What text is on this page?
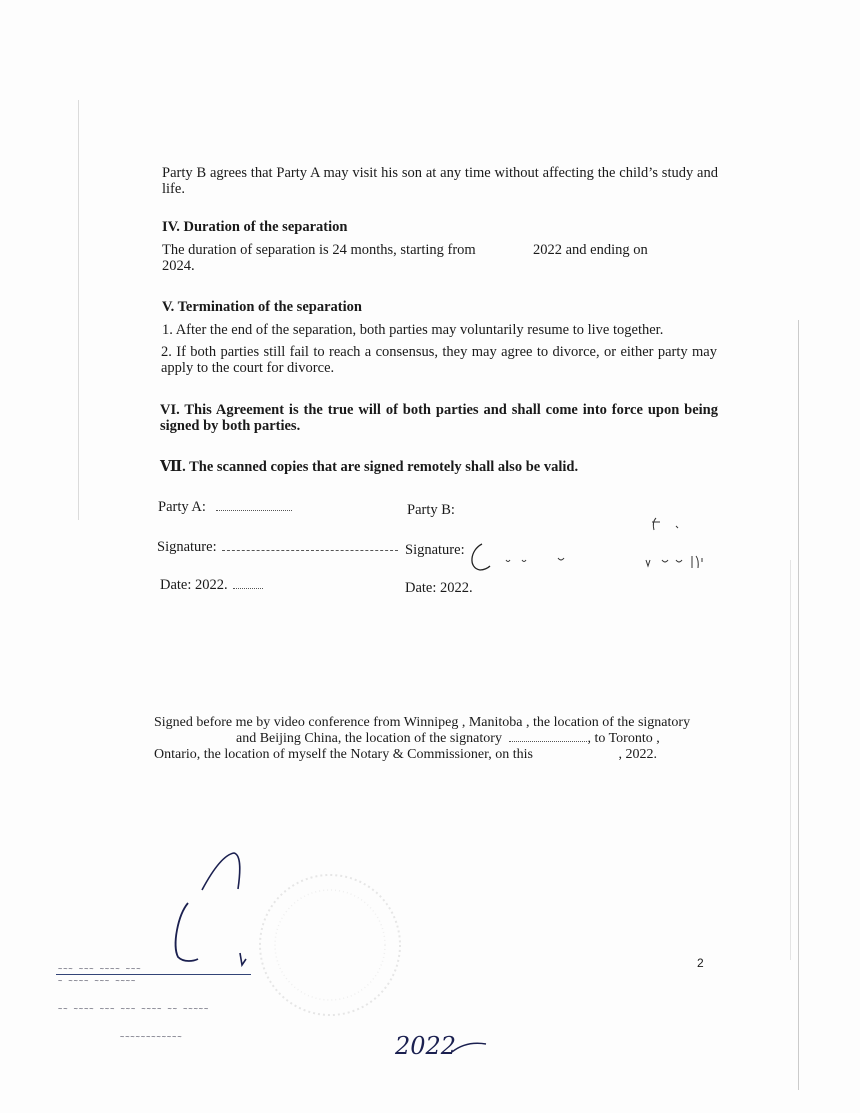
Party B agrees that Party A may visit his son at any time without affecting the child’s study and life.
IV. Duration of the separation
The duration of separation is 24 months, starting from	2022 and ending on
2024.
V. Termination of the separation
1. After the end of the separation, both parties may voluntarily resume to live together.
2. If both parties still fail to reach a consensus, they may agree to divorce, or either party may apply to the court for divorce.
VI. This Agreement is the true will of both parties and shall come into force upon being signed by both parties.
Ⅶ. The scanned copies that are signed remotely shall also be valid.
Party A:	Party B:
Signature:	Signature:
Date: 2022.	Date: 2022.
Signed before me by video conference from Winnipeg , Manitoba , the location of the signatory
and Beijing China, the location of the signatory	, to Toronto ,
Ontario, the location of myself the Notary & Commissioner, on this	, 2022.
~~~ ~~~ ~~~~ ~~~
~ ~~~~ ~~~ ~~~~
~~ ~~~~ ~~~ ~~~ ~~~~ ~~ ~~~~~
~~~~~~~~~~~~
2
2022
